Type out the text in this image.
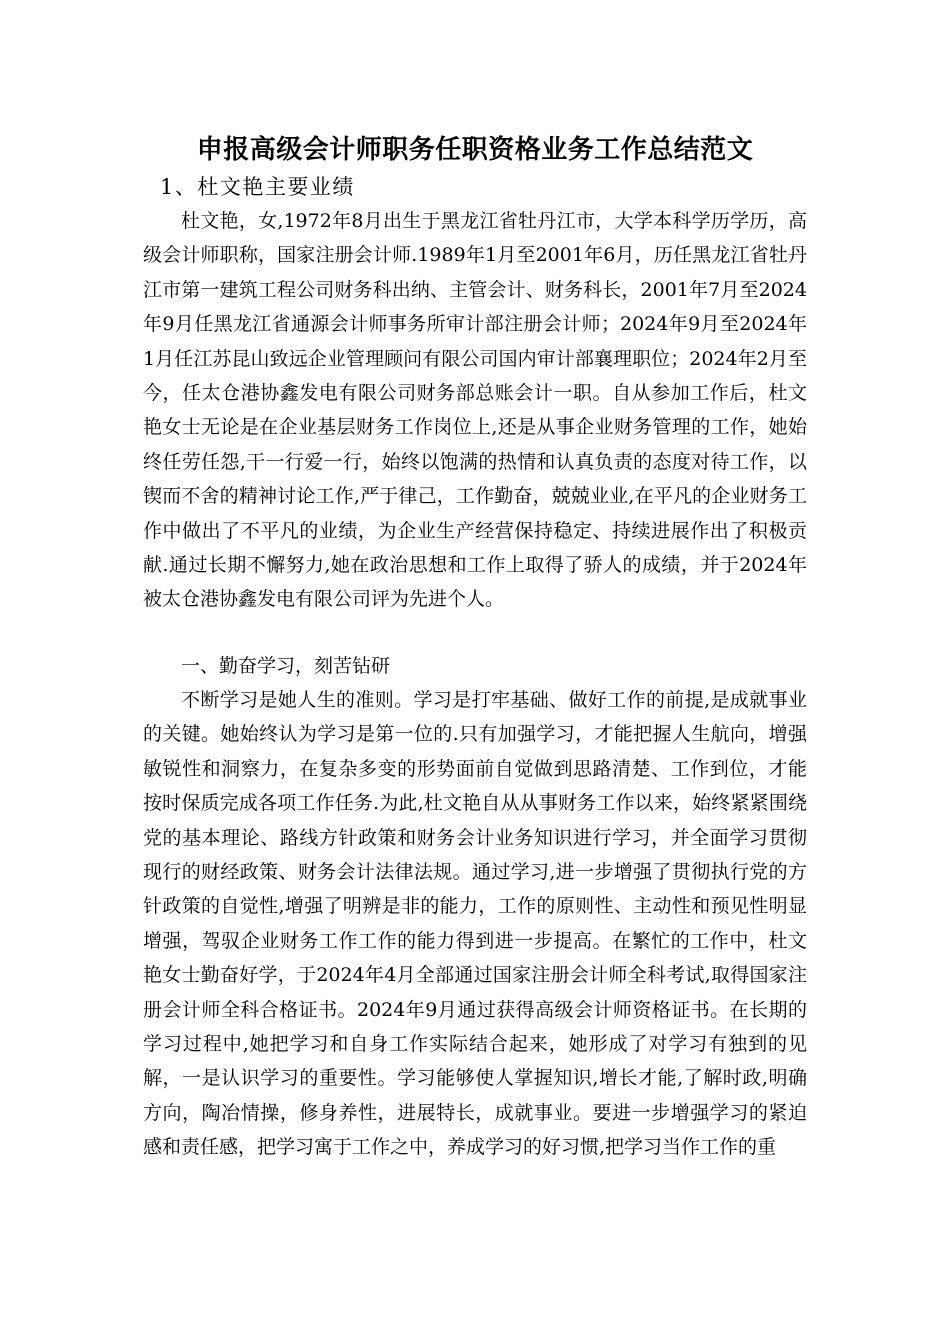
申报高级会计师职务任职资格业务工作总结范文
1、杜文艳主要业绩

杜文艳，女,1972年8月出生于黑龙江省牡丹江市，大学本科学历学历，高级会计师职称，国家注册会计师.1989年1月至2001年6月，历任黑龙江省牡丹江市第一建筑工程公司财务科出纳、主管会计、财务科长，2001年7月至2024年9月任黑龙江省通源会计师事务所审计部注册会计师；2024年9月至2024年1月任江苏昆山致远企业管理顾问有限公司国内审计部襄理职位；2024年2月至今，任太仓港协鑫发电有限公司财务部总账会计一职。自从参加工作后，杜文艳女士无论是在企业基层财务工作岗位上,还是从事企业财务管理的工作，她始终任劳任怨,干一行爱一行，始终以饱满的热情和认真负责的态度对待工作，以锲而不舍的精神讨论工作,严于律己，工作勤奋，兢兢业业,在平凡的企业财务工作中做出了不平凡的业绩，为企业生产经营保持稳定、持续进展作出了积极贡献.通过长期不懈努力,她在政治思想和工作上取得了骄人的成绩，并于2024年被太仓港协鑫发电有限公司评为先进个人。

一、勤奋学习，刻苦钻研

不断学习是她人生的准则。学习是打牢基础、做好工作的前提,是成就事业的关键。她始终认为学习是第一位的.只有加强学习，才能把握人生航向，增强敏锐性和洞察力，在复杂多变的形势面前自觉做到思路清楚、工作到位，才能按时保质完成各项工作任务.为此,杜文艳自从从事财务工作以来，始终紧紧围绕党的基本理论、路线方针政策和财务会计业务知识进行学习，并全面学习贯彻现行的财经政策、财务会计法律法规。通过学习,进一步增强了贯彻执行党的方针政策的自觉性,增强了明辨是非的能力，工作的原则性、主动性和预见性明显增强，驾驭企业财务工作工作的能力得到进一步提高。在繁忙的工作中，杜文艳女士勤奋好学，于2024年4月全部通过国家注册会计师全科考试,取得国家注册会计师全科合格证书。2024年9月通过获得高级会计师资格证书。在长期的学习过程中,她把学习和自身工作实际结合起来，她形成了对学习有独到的见解，一是认识学习的重要性。学习能够使人掌握知识,增长才能,了解时政,明确方向，陶冶情操，修身养性，进展特长，成就事业。要进一步增强学习的紧迫感和责任感，把学习寓于工作之中，养成学习的好习惯,把学习当作工作的重
